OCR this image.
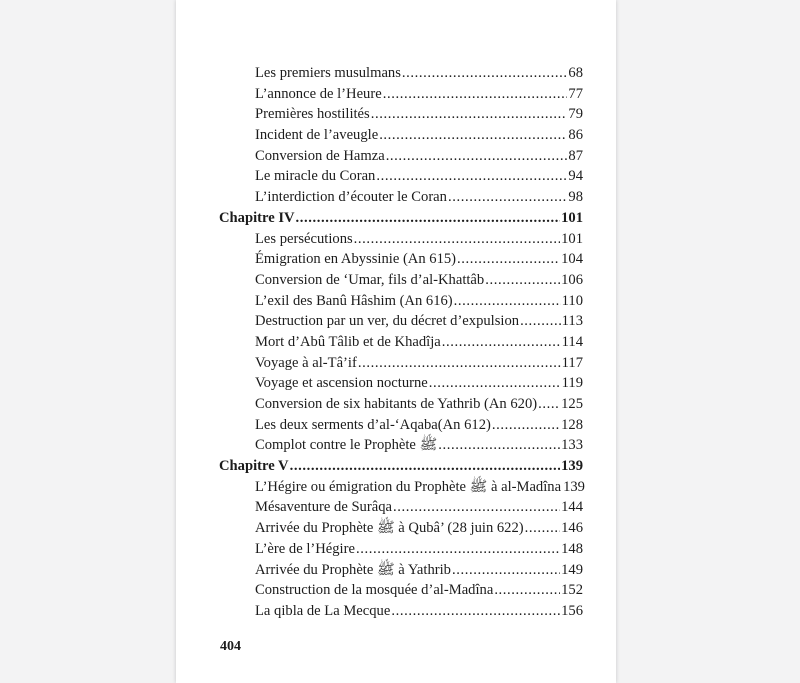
Les premiers musulmans .....	68
L’annonce de l’Heure .....	77
Premières hostilités .....	79
Incident de l’aveugle .....	86
Conversion de Hamza .....	87
Le miracle du Coran .....	94
L’interdiction d’écouter le Coran .....	98
Chapitre IV .....	101
Les persécutions .....	101
Émigration en Abyssinie (An 615) .....	104
Conversion de ‘Umar, fils d’al-Khattâb .....	106
L’exil des Banû Hâshim (An 616) .....	110
Destruction par un ver, du décret d’expulsion .....	113
Mort d’Abû Tâlib et de Khadîja .....	114
Voyage à al-Tâ’if .....	117
Voyage et ascension nocturne .....	119
Conversion de six habitants de Yathrib (An 620) ..... 125
Les deux serments d’al-‘Aqaba(An 612) .....	128
Complot contre le Prophète ﷺ .....	133
Chapitre V .....	139
L’Hégire ou émigration du Prophète ﷺ à al-Madîna 139
Mésaventure de Surâqa .....	144
Arrivée du Prophète ﷺ à Qubâ’ (28 juin 622) .....	146
L’ère de l’Hégire .....	148
Arrivée du Prophète ﷺ à Yathrib .....	149
Construction de la mosquée d’al-Madîna .....	152
La qibla de La Mecque .....	156
404
